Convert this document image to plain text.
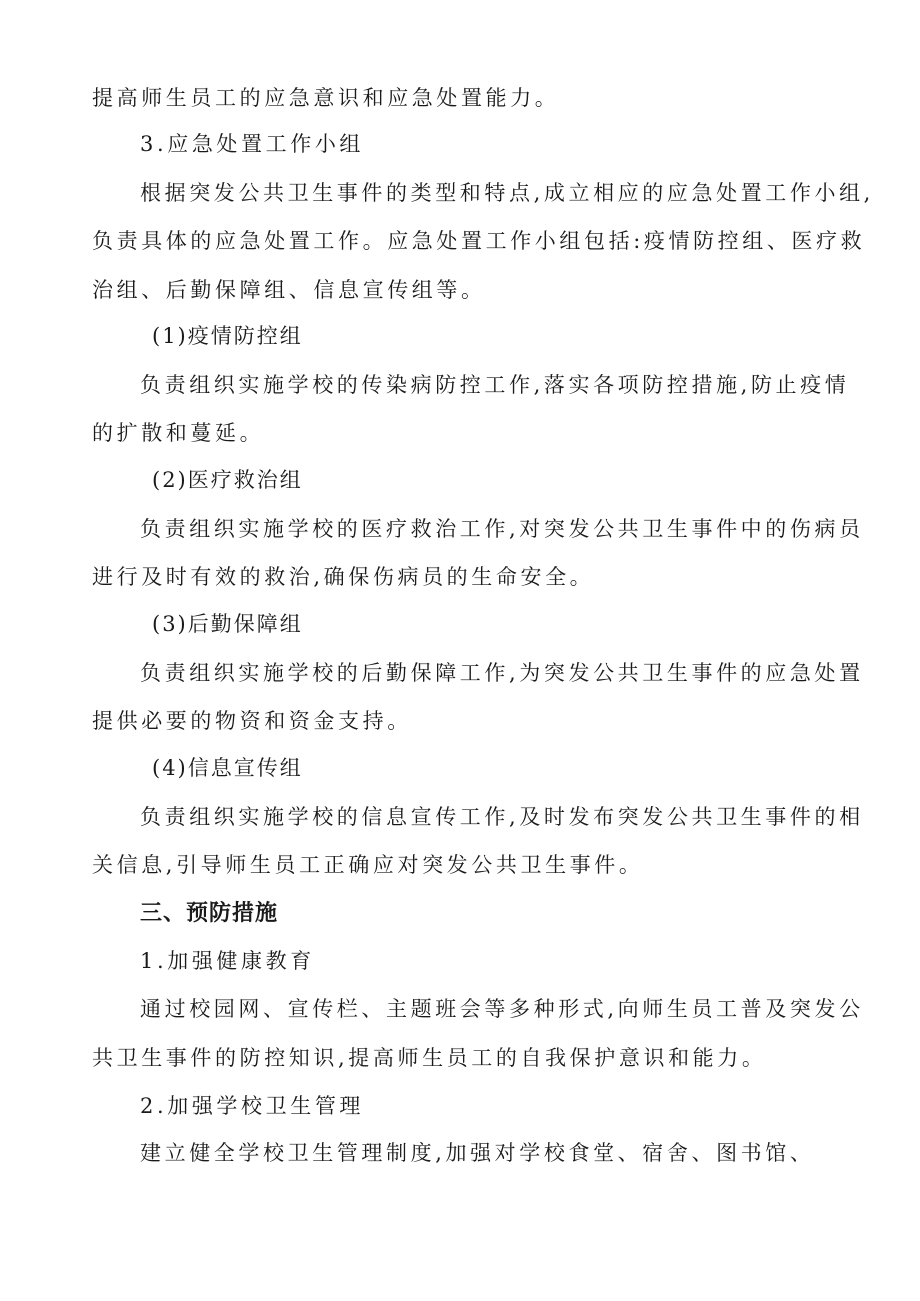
提高师生员工的应急意识和应急处置能力。
3.应急处置工作小组
根据突发公共卫生事件的类型和特点,成立相应的应急处置工作小组,
负责具体的应急处置工作。应急处置工作小组包括:疫情防控组、医疗救
治组、后勤保障组、信息宣传组等。
(1)疫情防控组
负责组织实施学校的传染病防控工作,落实各项防控措施,防止疫情
的扩散和蔓延。
(2)医疗救治组
负责组织实施学校的医疗救治工作,对突发公共卫生事件中的伤病员
进行及时有效的救治,确保伤病员的生命安全。
(3)后勤保障组
负责组织实施学校的后勤保障工作,为突发公共卫生事件的应急处置
提供必要的物资和资金支持。
(4)信息宣传组
负责组织实施学校的信息宣传工作,及时发布突发公共卫生事件的相
关信息,引导师生员工正确应对突发公共卫生事件。
三、预防措施
1.加强健康教育
通过校园网、宣传栏、主题班会等多种形式,向师生员工普及突发公
共卫生事件的防控知识,提高师生员工的自我保护意识和能力。
2.加强学校卫生管理
建立健全学校卫生管理制度,加强对学校食堂、宿舍、图书馆、
